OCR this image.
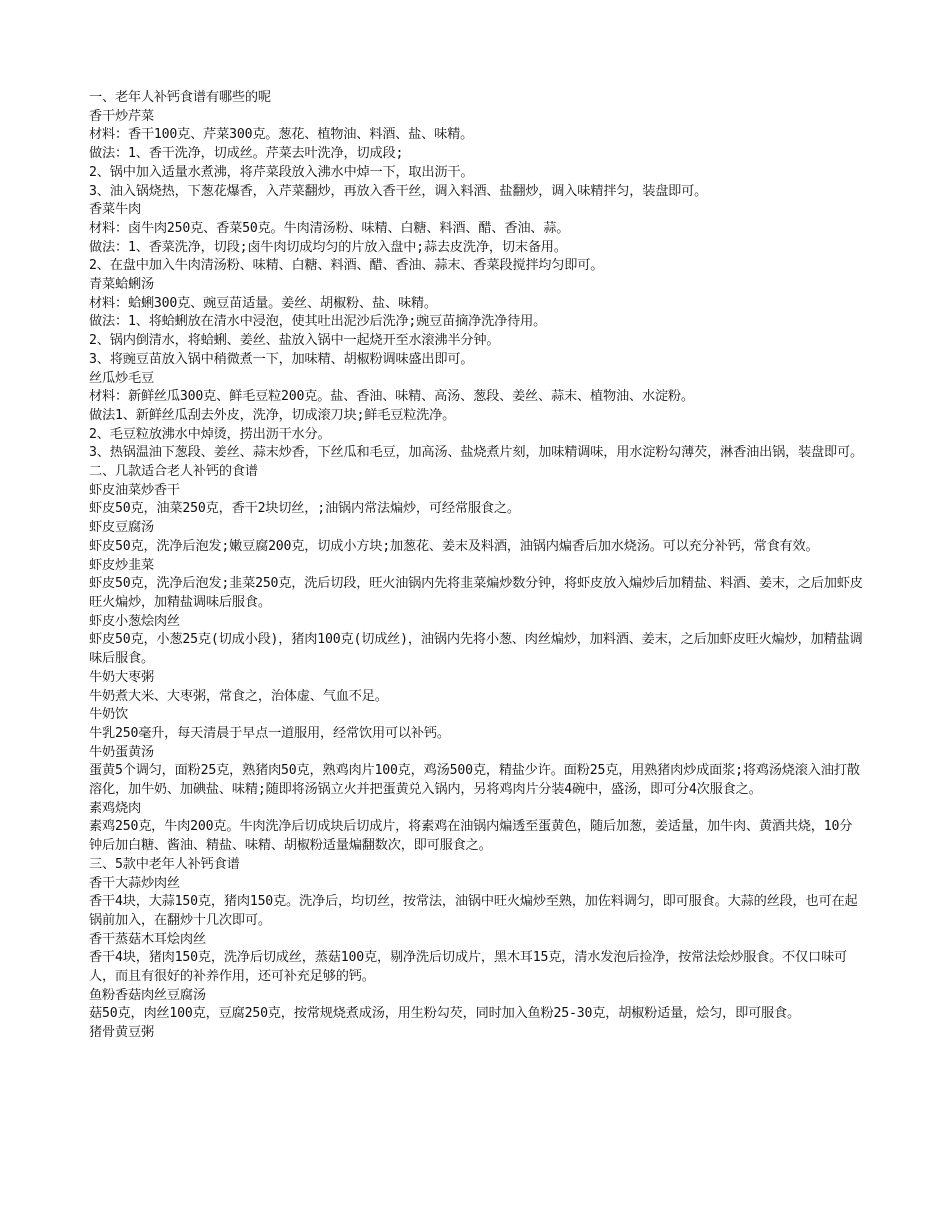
一、老年人补钙食谱有哪些的呢

香干炒芹菜

材料：香干100克、芹菜300克。葱花、植物油、料酒、盐、味精。

做法：1、香干洗净，切成丝。芹菜去叶洗净，切成段;

2、锅中加入适量水煮沸，将芹菜段放入沸水中焯一下，取出沥干。

3、油入锅烧热，下葱花爆香，入芹菜翻炒，再放入香干丝，调入料酒、盐翻炒，调入味精拌匀，装盘即可。

香菜牛肉

材料：卤牛肉250克、香菜50克。牛肉清汤粉、味精、白糖、料酒、醋、香油、蒜。

做法：1、香菜洗净，切段;卤牛肉切成均匀的片放入盘中;蒜去皮洗净，切末备用。

2、在盘中加入牛肉清汤粉、味精、白糖、料酒、醋、香油、蒜末、香菜段搅拌均匀即可。

青菜蛤蜊汤

材料：蛤蜊300克、豌豆苗适量。姜丝、胡椒粉、盐、味精。

做法：1、将蛤蜊放在清水中浸泡，使其吐出泥沙后洗净;豌豆苗摘净洗净待用。

2、锅内倒清水，将蛤蜊、姜丝、盐放入锅中一起烧开至水滚沸半分钟。

3、将豌豆苗放入锅中稍微煮一下，加味精、胡椒粉调味盛出即可。

丝瓜炒毛豆

材料：新鲜丝瓜300克、鲜毛豆粒200克。盐、香油、味精、高汤、葱段、姜丝、蒜末、植物油、水淀粉。

做法1、新鲜丝瓜刮去外皮，洗净，切成滚刀块;鲜毛豆粒洗净。

2、毛豆粒放沸水中焯烫，捞出沥干水分。

3、热锅温油下葱段、姜丝、蒜末炒香，下丝瓜和毛豆，加高汤、盐烧煮片刻，加味精调味，用水淀粉勾薄芡，淋香油出锅，装盘即可。

二、几款适合老人补钙的食谱

虾皮油菜炒香干

虾皮50克，油菜250克，香干2块切丝，;油锅内常法煸炒，可经常服食之。

虾皮豆腐汤

虾皮50克，洗净后泡发;嫩豆腐200克，切成小方块;加葱花、姜末及料酒，油锅内煸香后加水烧汤。可以充分补钙，常食有效。

虾皮炒韭菜

虾皮50克，洗净后泡发;韭菜250克，洗后切段，旺火油锅内先将韭菜煸炒数分钟，将虾皮放入煸炒后加精盐、料酒、姜末，之后加虾皮旺火煸炒，加精盐调味后服食。

虾皮小葱烩肉丝

虾皮50克，小葱25克(切成小段)，猪肉100克(切成丝)，油锅内先将小葱、肉丝煸炒，加料酒、姜末，之后加虾皮旺火煸炒，加精盐调味后服食。

牛奶大枣粥

牛奶煮大米、大枣粥，常食之，治体虚、气血不足。

牛奶饮

牛乳250毫升，每天清晨于早点一道服用，经常饮用可以补钙。

牛奶蛋黄汤

蛋黄5个调匀，面粉25克，熟猪肉50克，熟鸡肉片100克，鸡汤500克，精盐少许。面粉25克，用熟猪肉炒成面浆;将鸡汤烧滚入油打散溶化，加牛奶、加碘盐、味精;随即将汤锅立火并把蛋黄兑入锅内，另将鸡肉片分装4碗中，盛汤，即可分4次服食之。

素鸡烧肉

素鸡250克，牛肉200克。牛肉洗净后切成块后切成片，将素鸡在油锅内煸透至蛋黄色，随后加葱，姜适量，加牛肉、黄酒共烧，10分钟后加白糖、酱油、精盐、味精、胡椒粉适量煸翻数次，即可服食之。

三、5款中老年人补钙食谱

香干大蒜炒肉丝

香干4块，大蒜150克，猪肉150克。洗净后，均切丝，按常法，油锅中旺火煸炒至熟，加佐料调匀，即可服食。大蒜的丝段，也可在起锅前加入，在翻炒十几次即可。

香干蒸菇木耳烩肉丝

香干4块，猪肉150克，洗净后切成丝，蒸菇100克，剔净洗后切成片，黑木耳15克，清水发泡后捡净，按常法烩炒服食。不仅口味可人，而且有很好的补养作用，还可补充足够的钙。

鱼粉香菇肉丝豆腐汤

菇50克，肉丝100克，豆腐250克，按常规烧煮成汤，用生粉勾芡，同时加入鱼粉25-30克，胡椒粉适量，烩匀，即可服食。

猪骨黄豆粥
